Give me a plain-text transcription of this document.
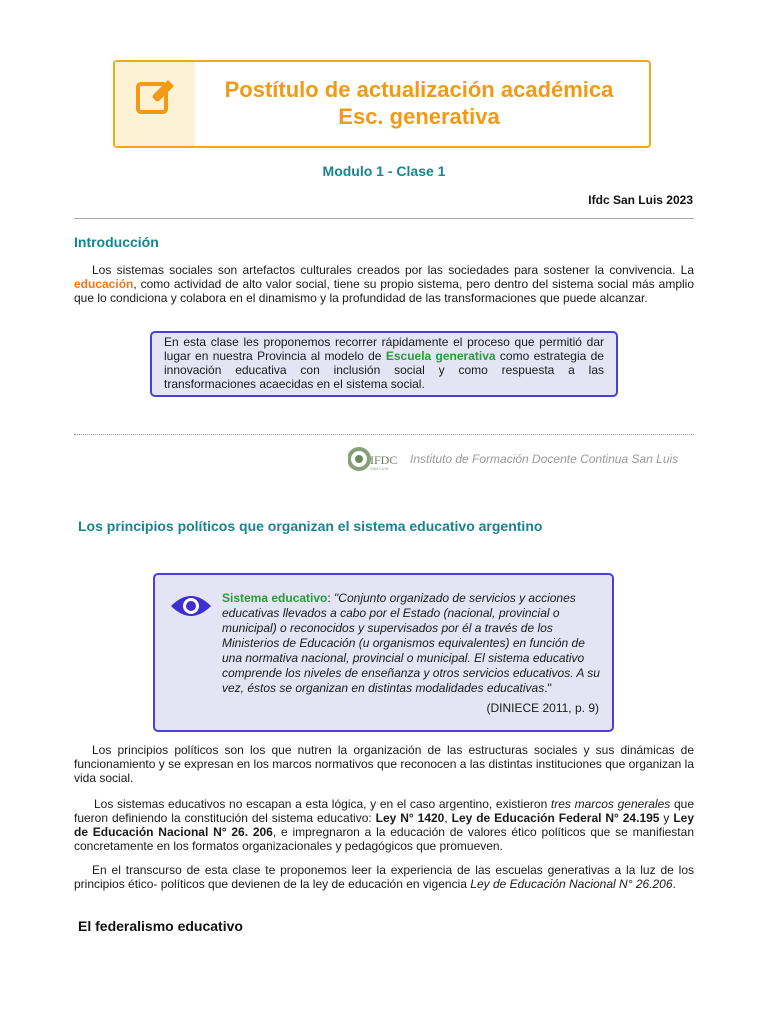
Postítulo de actualización académica
Esc. generativa
Modulo 1 - Clase 1
Ifdc San Luis 2023
Introducción
Los sistemas sociales son artefactos culturales creados por las sociedades para sostener la convivencia. La educación, como actividad de alto valor social, tiene su propio sistema, pero dentro del sistema social más amplio que lo condiciona y colabora en el dinamismo y la profundidad de las transformaciones que puede alcanzar.
En esta clase les proponemos recorrer rápidamente el proceso que permitió dar lugar en nuestra Provincia al modelo de Escuela generativa como estrategia de innovación educativa con inclusión social y como respuesta a las transformaciones acaecidas en el sistema social.
IFDC
SAN LUIS
Instituto de Formación Docente Continua San Luis
Los principios políticos que organizan el sistema educativo argentino
Sistema educativo: "Conjunto organizado de servicios y acciones educativas llevados a cabo por el Estado (nacional, provincial o municipal) o reconocidos y supervisados por él a través de los Ministerios de Educación (u organismos equivalentes) en función de una normativa nacional, provincial o municipal. El sistema educativo comprende los niveles de enseñanza y otros servicios educativos. A su vez, éstos se organizan en distintas modalidades educativas."
(DINIECE 2011, p. 9)
Los principios políticos son los que nutren la organización de las estructuras sociales y sus dinámicas de funcionamiento y se expresan en los marcos normativos que reconocen a las distintas instituciones que organizan la vida social.
Los sistemas educativos no escapan a esta lógica, y en el caso argentino, existieron tres marcos generales que fueron definiendo la constitución del sistema educativo: Ley N° 1420, Ley de Educación Federal N° 24.195 y Ley de Educación Nacional N° 26. 206, e impregnaron a la educación de valores ético políticos que se manifiestan concretamente en los formatos organizacionales y pedagógicos que promueven.
En el transcurso de esta clase te proponemos leer la experiencia de las escuelas generativas a la luz de los principios ético- políticos que devienen de la ley de educación en vigencia Ley de Educación Nacional N° 26.206.
El federalismo educativo
